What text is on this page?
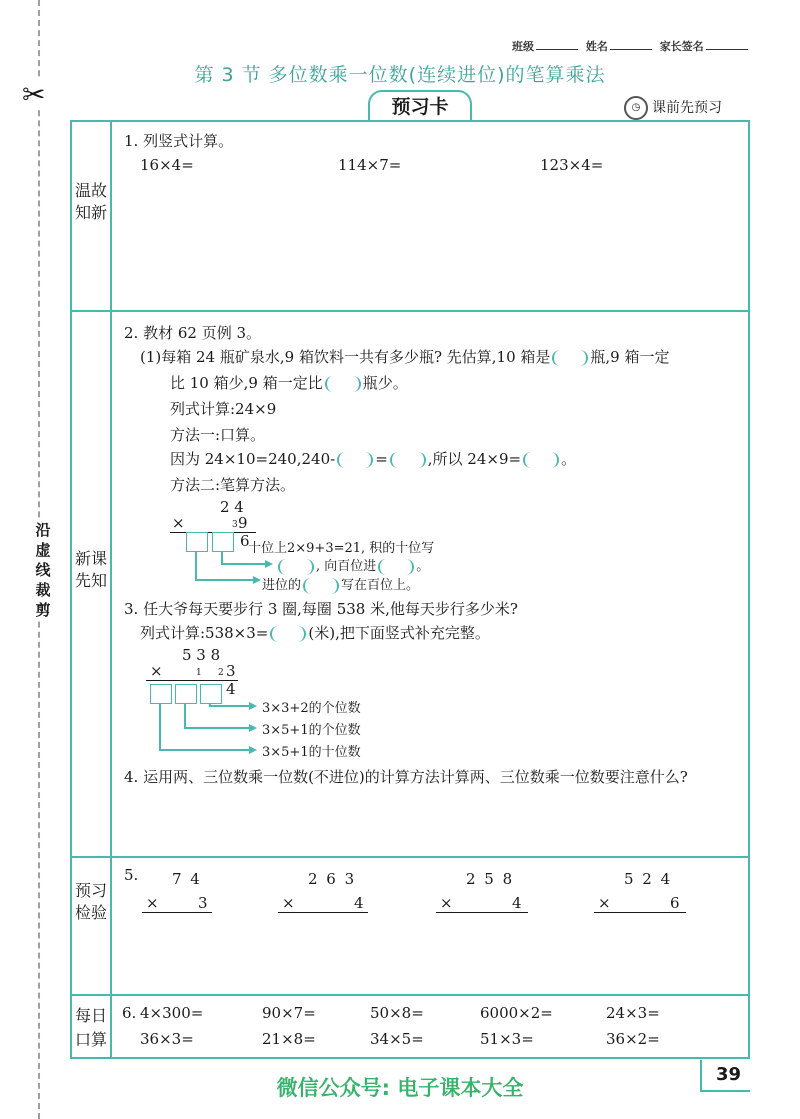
✂
沿虚线裁剪
班级	姓名	家长签名
第 3 节 多位数乘一位数(连续进位)的笔算乘法
预习卡	◷ 课前先预习
温故知新
新课先知
预习检验
每日口算
1. 列竖式计算。
16×4=	114×7=	123×4=
2. 教材 62 页例 3。
(1)每箱 24 瓶矿泉水,9 箱饮料一共有多少瓶? 先估算,10 箱是	瓶,9 箱一定
比 10 箱少,9 箱一定比	瓶少。
列式计算:24×9
方法一:口算。
因为 24×10=240,240-	=	,所以 24×9=	。
方法二:笔算方法。
2 4
×	3 9
6
十位上2×9+3=21, 积的十位写
, 向百位进	。
进位的	写在百位上。
3. 任大爷每天要步行 3 圈,每圈 538 米,他每天步行多少米?
列式计算:538×3=	(米),把下面竖式补充完整。
5 3 8
×	1 2 3
4
3×3+2的个位数
3×5+1的个位数
3×5+1的十位数
4. 运用两、三位数乘一位数(不进位)的计算方法计算两、三位数乘一位数要注意什么?
5. 7 4
×	3
2 6 3
×	4
2 5 8
×	4
5 2 4
×	6
6. 4×300=	90×7=	50×8=	6000×2=	24×3=
36×3=	21×8=	34×5=	51×3=	36×2=
39
微信公众号: 电子课本大全
